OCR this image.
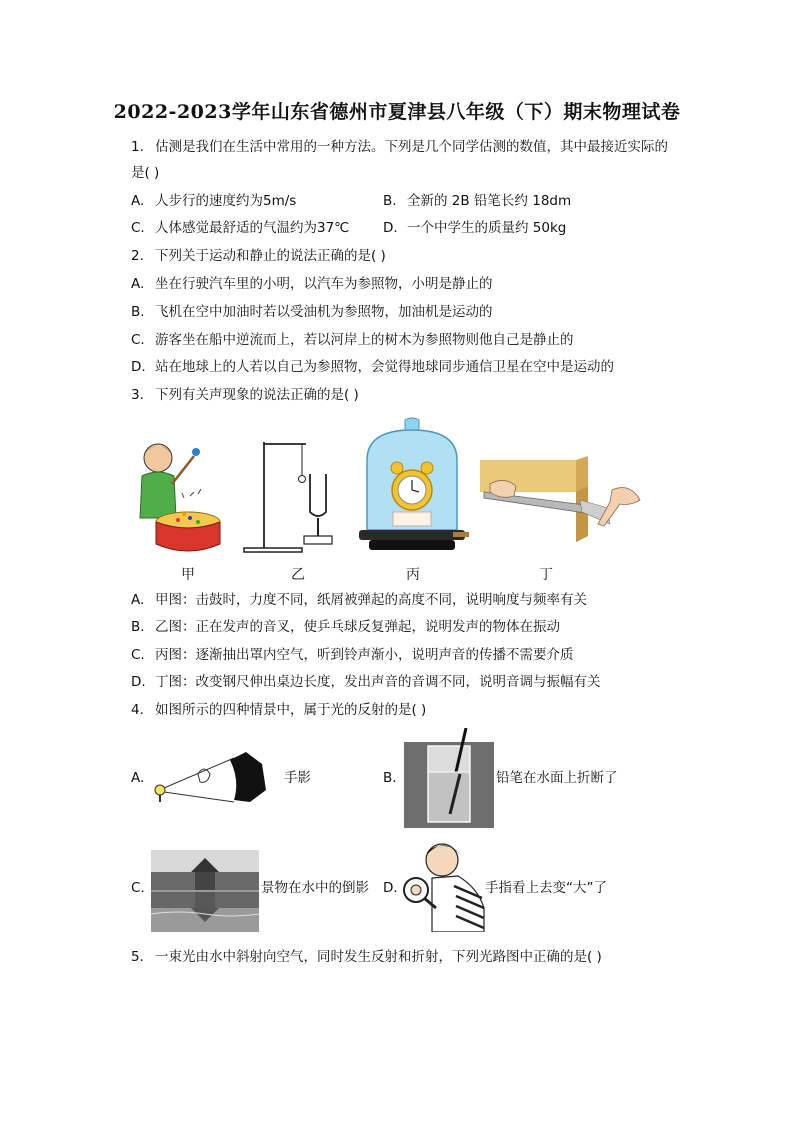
2022-2023学年山东省德州市夏津县八年级（下）期末物理试卷
1. 估测是我们在生活中常用的一种方法。下列是几个同学估测的数值，其中最接近实际的
是( )
A. 人步行的速度约为5m/s	B. 全新的 2B 铅笔长约 18dm
C. 人体感觉最舒适的气温约为37℃ D. 一个中学生的质量约 50kg
2. 下列关于运动和静止的说法正确的是( )
A. 坐在行驶汽车里的小明，以汽车为参照物，小明是静止的
B. 飞机在空中加油时若以受油机为参照物，加油机是运动的
C. 游客坐在船中逆流而上，若以河岸上的树木为参照物则他自己是静止的
D. 站在地球上的人若以自己为参照物，会觉得地球同步通信卫星在空中是运动的
3. 下列有关声现象的说法正确的是( )
甲	乙	丙	丁
A. 甲图：击鼓时，力度不同，纸屑被弹起的高度不同，说明响度与频率有关
B. 乙图：正在发声的音叉，使乒乓球反复弹起，说明发声的物体在振动
C. 丙图：逐渐抽出罩内空气，听到铃声渐小，说明声音的传播不需要介质
D. 丁图：改变钢尺伸出桌边长度，发出声音的音调不同，说明音调与振幅有关
4. 如图所示的四种情景中，属于光的反射的是( )
A.	手影	B.	铅笔在水面上折断了
C.	景物在水中的倒影 D.	手指看上去变“大”了
5. 一束光由水中斜射向空气，同时发生反射和折射，下列光路图中正确的是( )
